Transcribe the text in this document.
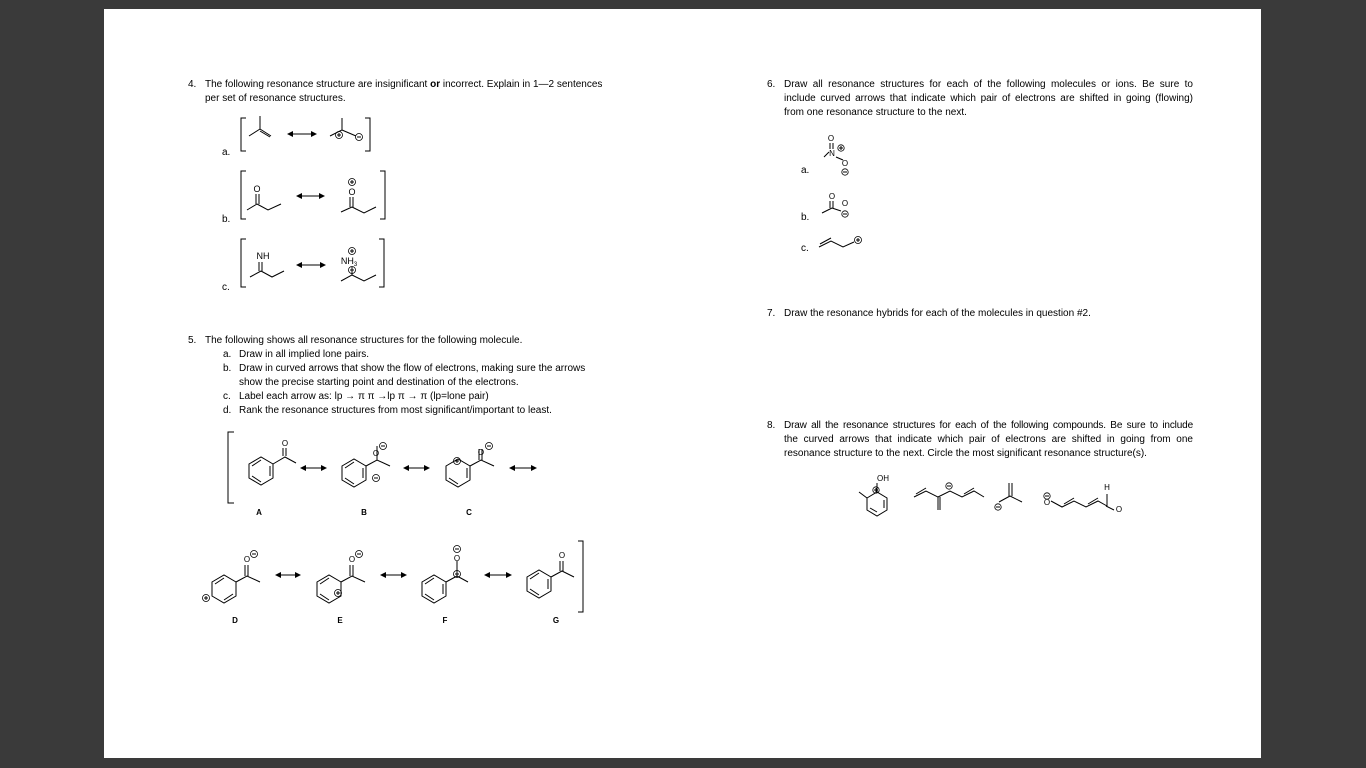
4. The following resonance structure are insignificant or incorrect. Explain in 1—2 sentences
per set of resonance structures.
a.
b.
c.
5. The following shows all resonance structures for the following molecule.
a. Draw in all implied lone pairs.
b. Draw in curved arrows that show the flow of electrons, making sure the arrows
show the precise starting point and destination of the electrons.
c. Label each arrow as: lp → π π →lp π → π (lp=lone pair)
d. Rank the resonance structures from most significant/important to least.
6. Draw all resonance structures for each of the following molecules or ions. Be sure to
include curved arrows that indicate which pair of electrons are shifted in going (flowing)
from one resonance structure to the next.
a.
b.
c.
7. Draw the resonance hybrids for each of the molecules in question #2.
8. Draw all the resonance structures for each of the following compounds. Be sure to include
the curved arrows that indicate which pair of electrons are shifted in going from one
resonance structure to the next. Circle the most significant resonance structure(s).
O	O
NH	$NH_3$
O
O	O
A	B	C
O	O	O	O
D	E	F	G
O
N
O
O
O
OH
O
H
O
